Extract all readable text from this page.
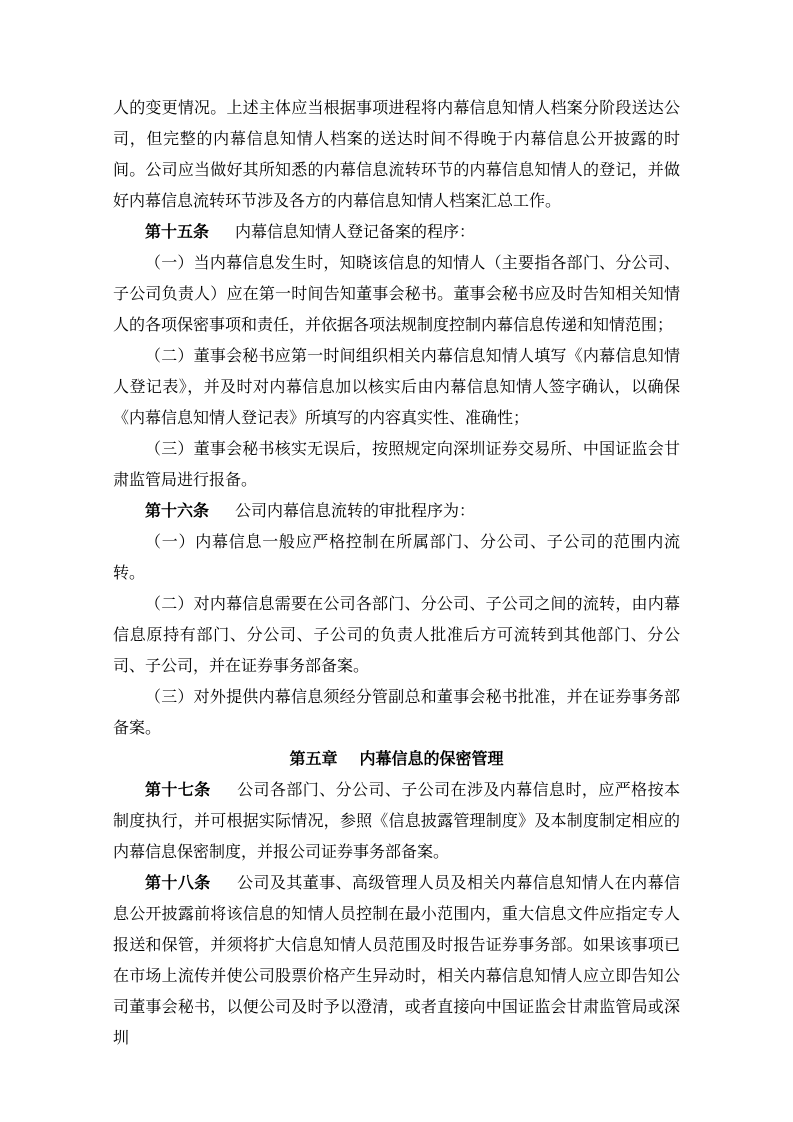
人的变更情况。上述主体应当根据事项进程将内幕信息知情人档案分阶段送达公司，但完整的内幕信息知情人档案的送达时间不得晚于内幕信息公开披露的时间。公司应当做好其所知悉的内幕信息流转环节的内幕信息知情人的登记，并做好内幕信息流转环节涉及各方的内幕信息知情人档案汇总工作。

第十五条　内幕信息知情人登记备案的程序：

（一）当内幕信息发生时，知晓该信息的知情人（主要指各部门、分公司、子公司负责人）应在第一时间告知董事会秘书。董事会秘书应及时告知相关知情人的各项保密事项和责任，并依据各项法规制度控制内幕信息传递和知情范围；

（二）董事会秘书应第一时间组织相关内幕信息知情人填写《内幕信息知情人登记表》，并及时对内幕信息加以核实后由内幕信息知情人签字确认，以确保《内幕信息知情人登记表》所填写的内容真实性、准确性；

（三）董事会秘书核实无误后，按照规定向深圳证券交易所、中国证监会甘肃监管局进行报备。

第十六条　公司内幕信息流转的审批程序为：

（一）内幕信息一般应严格控制在所属部门、分公司、子公司的范围内流转。

（二）对内幕信息需要在公司各部门、分公司、子公司之间的流转，由内幕信息原持有部门、分公司、子公司的负责人批准后方可流转到其他部门、分公司、子公司，并在证券事务部备案。

（三）对外提供内幕信息须经分管副总和董事会秘书批准，并在证券事务部备案。

第五章　内幕信息的保密管理

第十七条　公司各部门、分公司、子公司在涉及内幕信息时，应严格按本制度执行，并可根据实际情况，参照《信息披露管理制度》及本制度制定相应的内幕信息保密制度，并报公司证券事务部备案。

第十八条　公司及其董事、高级管理人员及相关内幕信息知情人在内幕信息公开披露前将该信息的知情人员控制在最小范围内，重大信息文件应指定专人报送和保管，并须将扩大信息知情人员范围及时报告证券事务部。如果该事项已在市场上流传并使公司股票价格产生异动时，相关内幕信息知情人应立即告知公司董事会秘书，以便公司及时予以澄清，或者直接向中国证监会甘肃监管局或深圳
